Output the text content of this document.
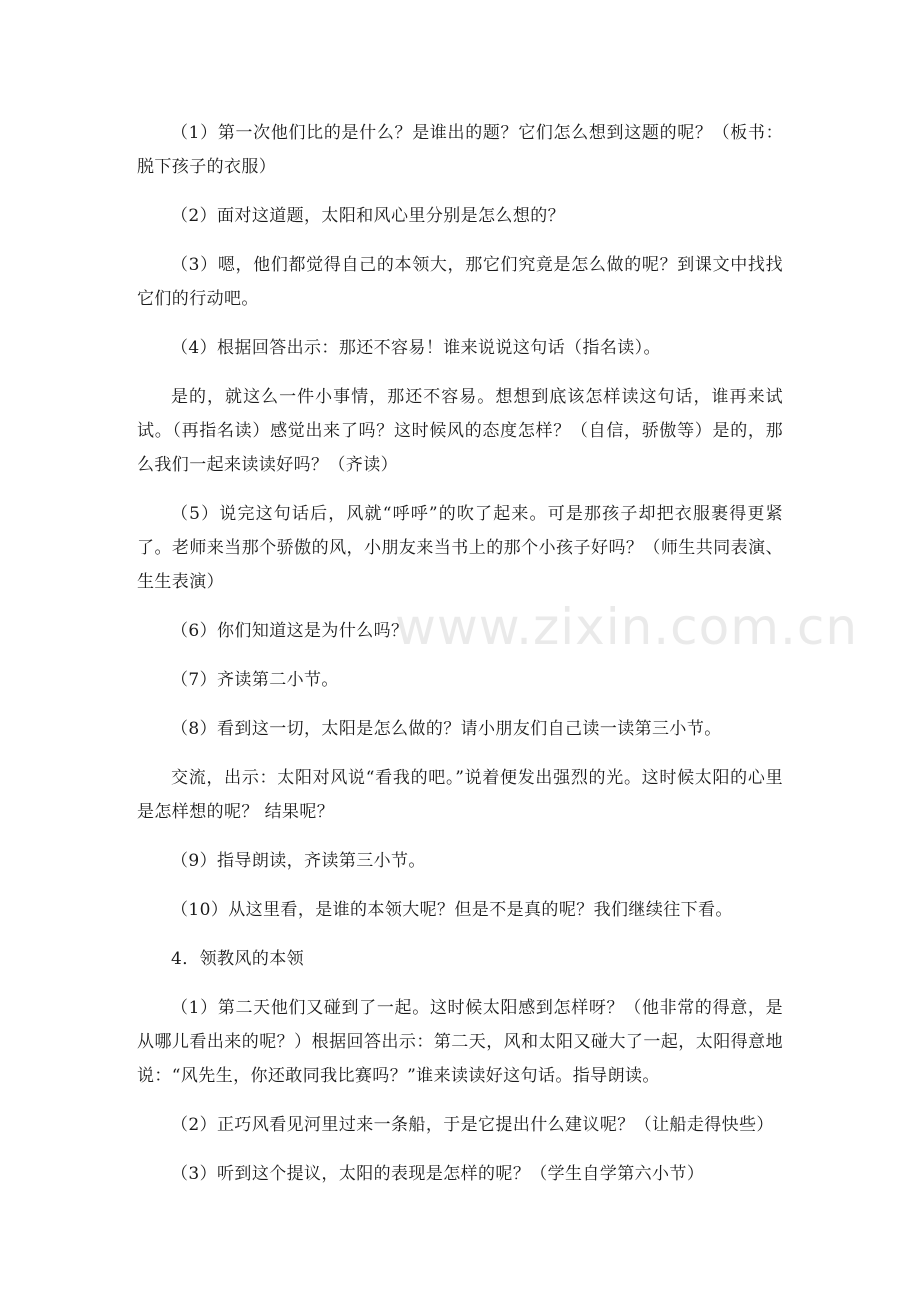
（1）第一次他们比的是什么？是谁出的题？它们怎么想到这题的呢？（板书：脱下孩子的衣服）

（2）面对这道题，太阳和风心里分别是怎么想的？

（3）嗯，他们都觉得自己的本领大，那它们究竟是怎么做的呢？到课文中找找它们的行动吧。

（4）根据回答出示：那还不容易！谁来说说这句话（指名读）。

是的，就这么一件小事情，那还不容易。想想到底该怎样读这句话，谁再来试试。（再指名读）感觉出来了吗？这时候风的态度怎样？（自信，骄傲等）是的，那么我们一起来读读好吗？（齐读）

（5）说完这句话后，风就“呼呼”的吹了起来。可是那孩子却把衣服裹得更紧了。老师来当那个骄傲的风，小朋友来当书上的那个小孩子好吗？（师生共同表演、生生表演）

（6）你们知道这是为什么吗？

（7）齐读第二小节。

（8）看到这一切，太阳是怎么做的？请小朋友们自己读一读第三小节。

交流，出示：太阳对风说“看我的吧。”说着便发出强烈的光。这时候太阳的心里是怎样想的呢？ 结果呢？

（9）指导朗读，齐读第三小节。

（10）从这里看，是谁的本领大呢？但是不是真的呢？我们继续往下看。

4．领教风的本领

（1）第二天他们又碰到了一起。这时候太阳感到怎样呀？（他非常的得意，是从哪儿看出来的呢？）根据回答出示：第二天，风和太阳又碰大了一起，太阳得意地说：“风先生，你还敢同我比赛吗？”谁来读读好这句话。指导朗读。

（2）正巧风看见河里过来一条船，于是它提出什么建议呢？（让船走得快些）

（3）听到这个提议，太阳的表现是怎样的呢？（学生自学第六小节）

www.zixin.com.cn
